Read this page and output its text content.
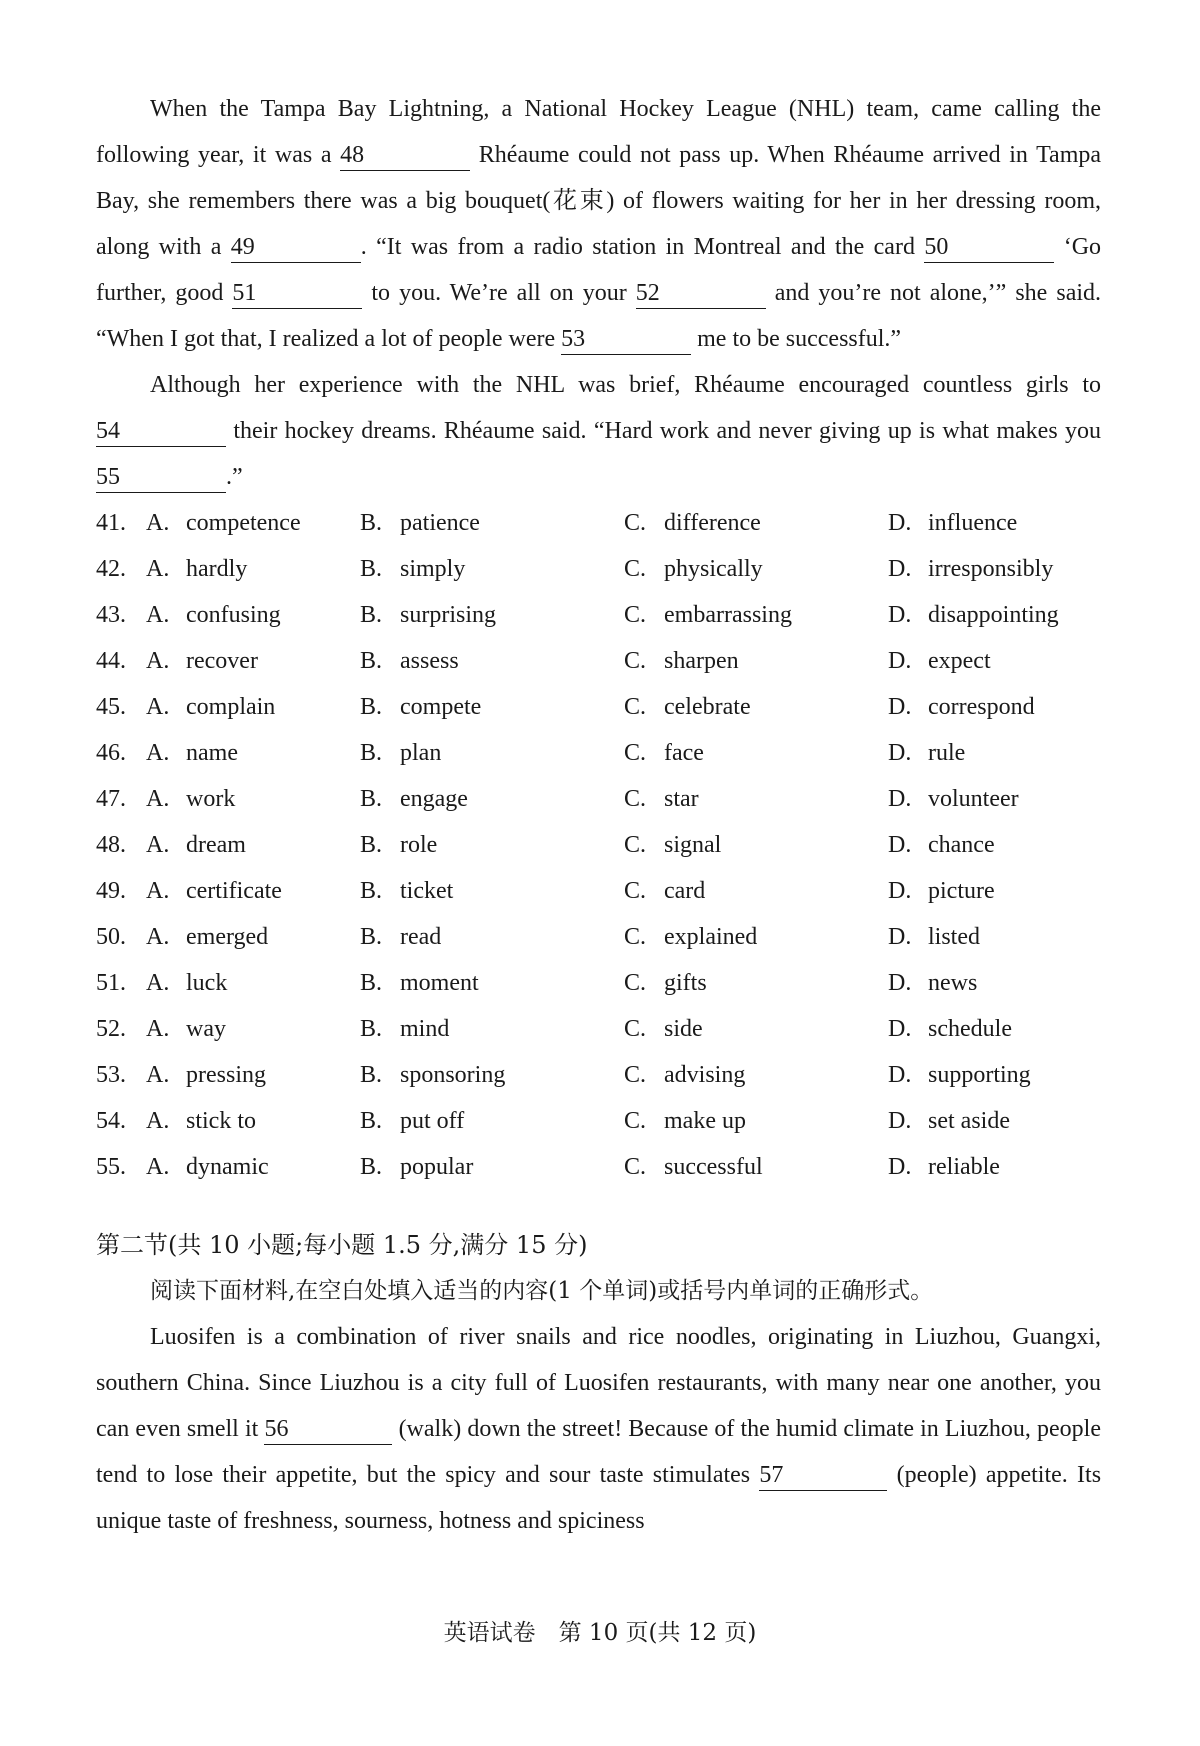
When the Tampa Bay Lightning, a National Hockey League (NHL) team, came calling the following year, it was a 48	Rhéaume could not pass up. When Rhéaume arrived in Tampa Bay, she remembers there was a big bouquet(花束) of flowers waiting for her in her dressing room, along with a 49	. “It was from a radio station in Montreal and the card 50	‘Go further, good 51	to you. We’re all on your 52	and you’re not alone,’” she said. “When I got that, I realized a lot of people were 53	me to be successful.”

Although her experience with the NHL was brief, Rhéaume encouraged countless girls to 54	their hockey dreams. Rhéaume said. “Hard work and never giving up is what makes you 55	.”

41. A. competence B. patience	C. difference	D. influence
42. A. hardly	B. simply	C. physically	D. irresponsibly
43. A. confusing	B. surprising	C. embarrassing	D. disappointing
44. A. recover	B. assess	C. sharpen	D. expect
45. A. complain	B. compete	C. celebrate	D. correspond
46. A. name	B. plan	C. face	D. rule
47. A. work	B. engage	C. star	D. volunteer
48. A. dream	B. role	C. signal	D. chance
49. A. certificate	B. ticket	C. card	D. picture
50. A. emerged	B. read	C. explained	D. listed
51. A. luck	B. moment	C. gifts	D. news
52. A. way	B. mind	C. side	D. schedule
53. A. pressing	B. sponsoring	C. advising	D. supporting
54. A. stick to	B. put off	C. make up	D. set aside
55. A. dynamic	B. popular	C. successful	D. reliable
第二节(共 10 小题;每小题 1.5 分,满分 15 分)
阅读下面材料,在空白处填入适当的内容(1 个单词)或括号内单词的正确形式。

Luosifen is a combination of river snails and rice noodles, originating in Liuzhou, Guangxi, southern China. Since Liuzhou is a city full of Luosifen restaurants, with many near one another, you can even smell it 56	(walk) down the street! Because of the humid climate in Liuzhou, people tend to lose their appetite, but the spicy and sour taste stimulates 57	(people) appetite. Its unique taste of freshness, sourness, hotness and spiciness

英语试卷　第 10 页(共 12 页)
